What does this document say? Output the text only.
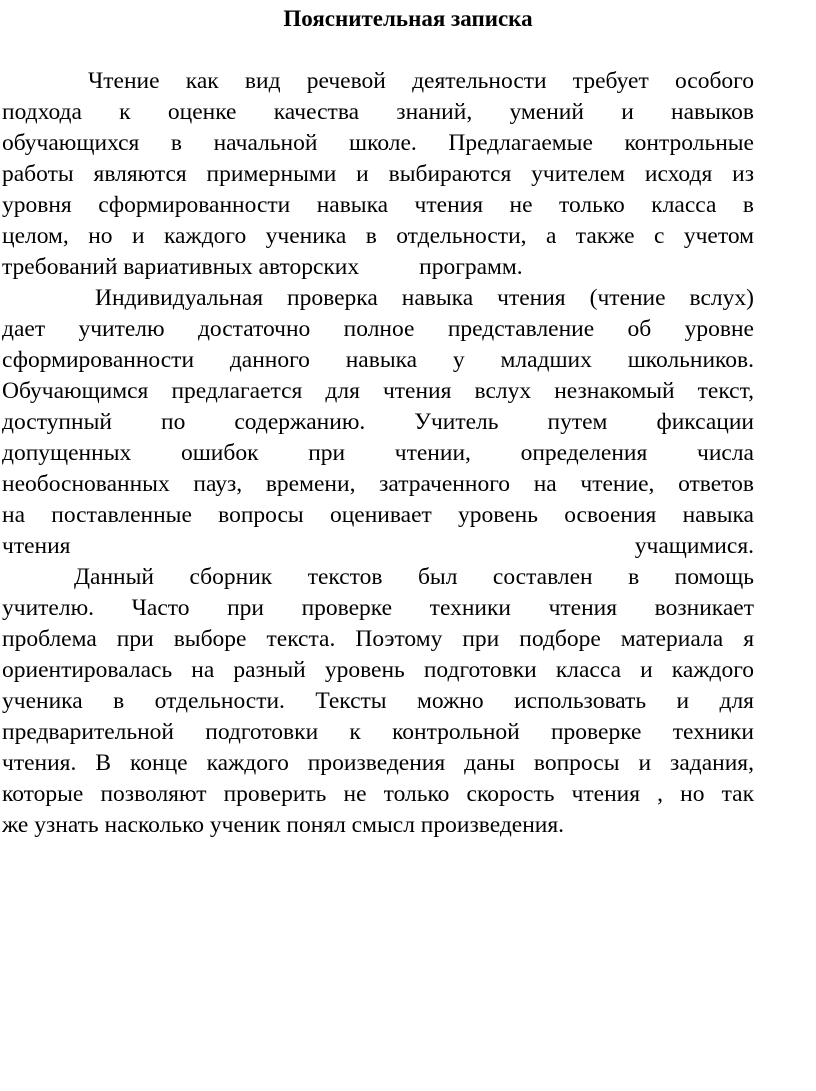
Пояснительная записка
Чтение как вид речевой деятельности требует особого
подхода к оценке качества знаний, умений и навыков
обучающихся в начальной школе. Предлагаемые контрольные
работы являются примерными и выбираются учителем исходя из
уровня сформированности навыка чтения не только класса в
целом, но и каждого ученика в отдельности, а также с учетом
требований вариативных авторских	программ.
Индивидуальная проверка навыка чтения (чтение вслух)
дает учителю достаточно полное представление об уровне
сформированности данного навыка у младших школьников.
Обучающимся предлагается для чтения вслух незнакомый текст,
доступный по содержанию. Учитель путем фиксации
допущенных ошибок при чтении, определения числа
необоснованных пауз, времени, затраченного на чтение, ответов
на поставленные вопросы оценивает уровень освоения навыка
чтения	учащимися.
Данный сборник текстов был составлен в помощь
учителю. Часто при проверке техники чтения возникает
проблема при выборе текста. Поэтому при подборе материала я
ориентировалась на разный уровень подготовки класса и каждого
ученика в отдельности. Тексты можно использовать и для
предварительной подготовки к контрольной проверке техники
чтения. В конце каждого произведения даны вопросы и задания,
которые позволяют проверить не только скорость чтения , но так
же узнать насколько ученик понял смысл произведения.
